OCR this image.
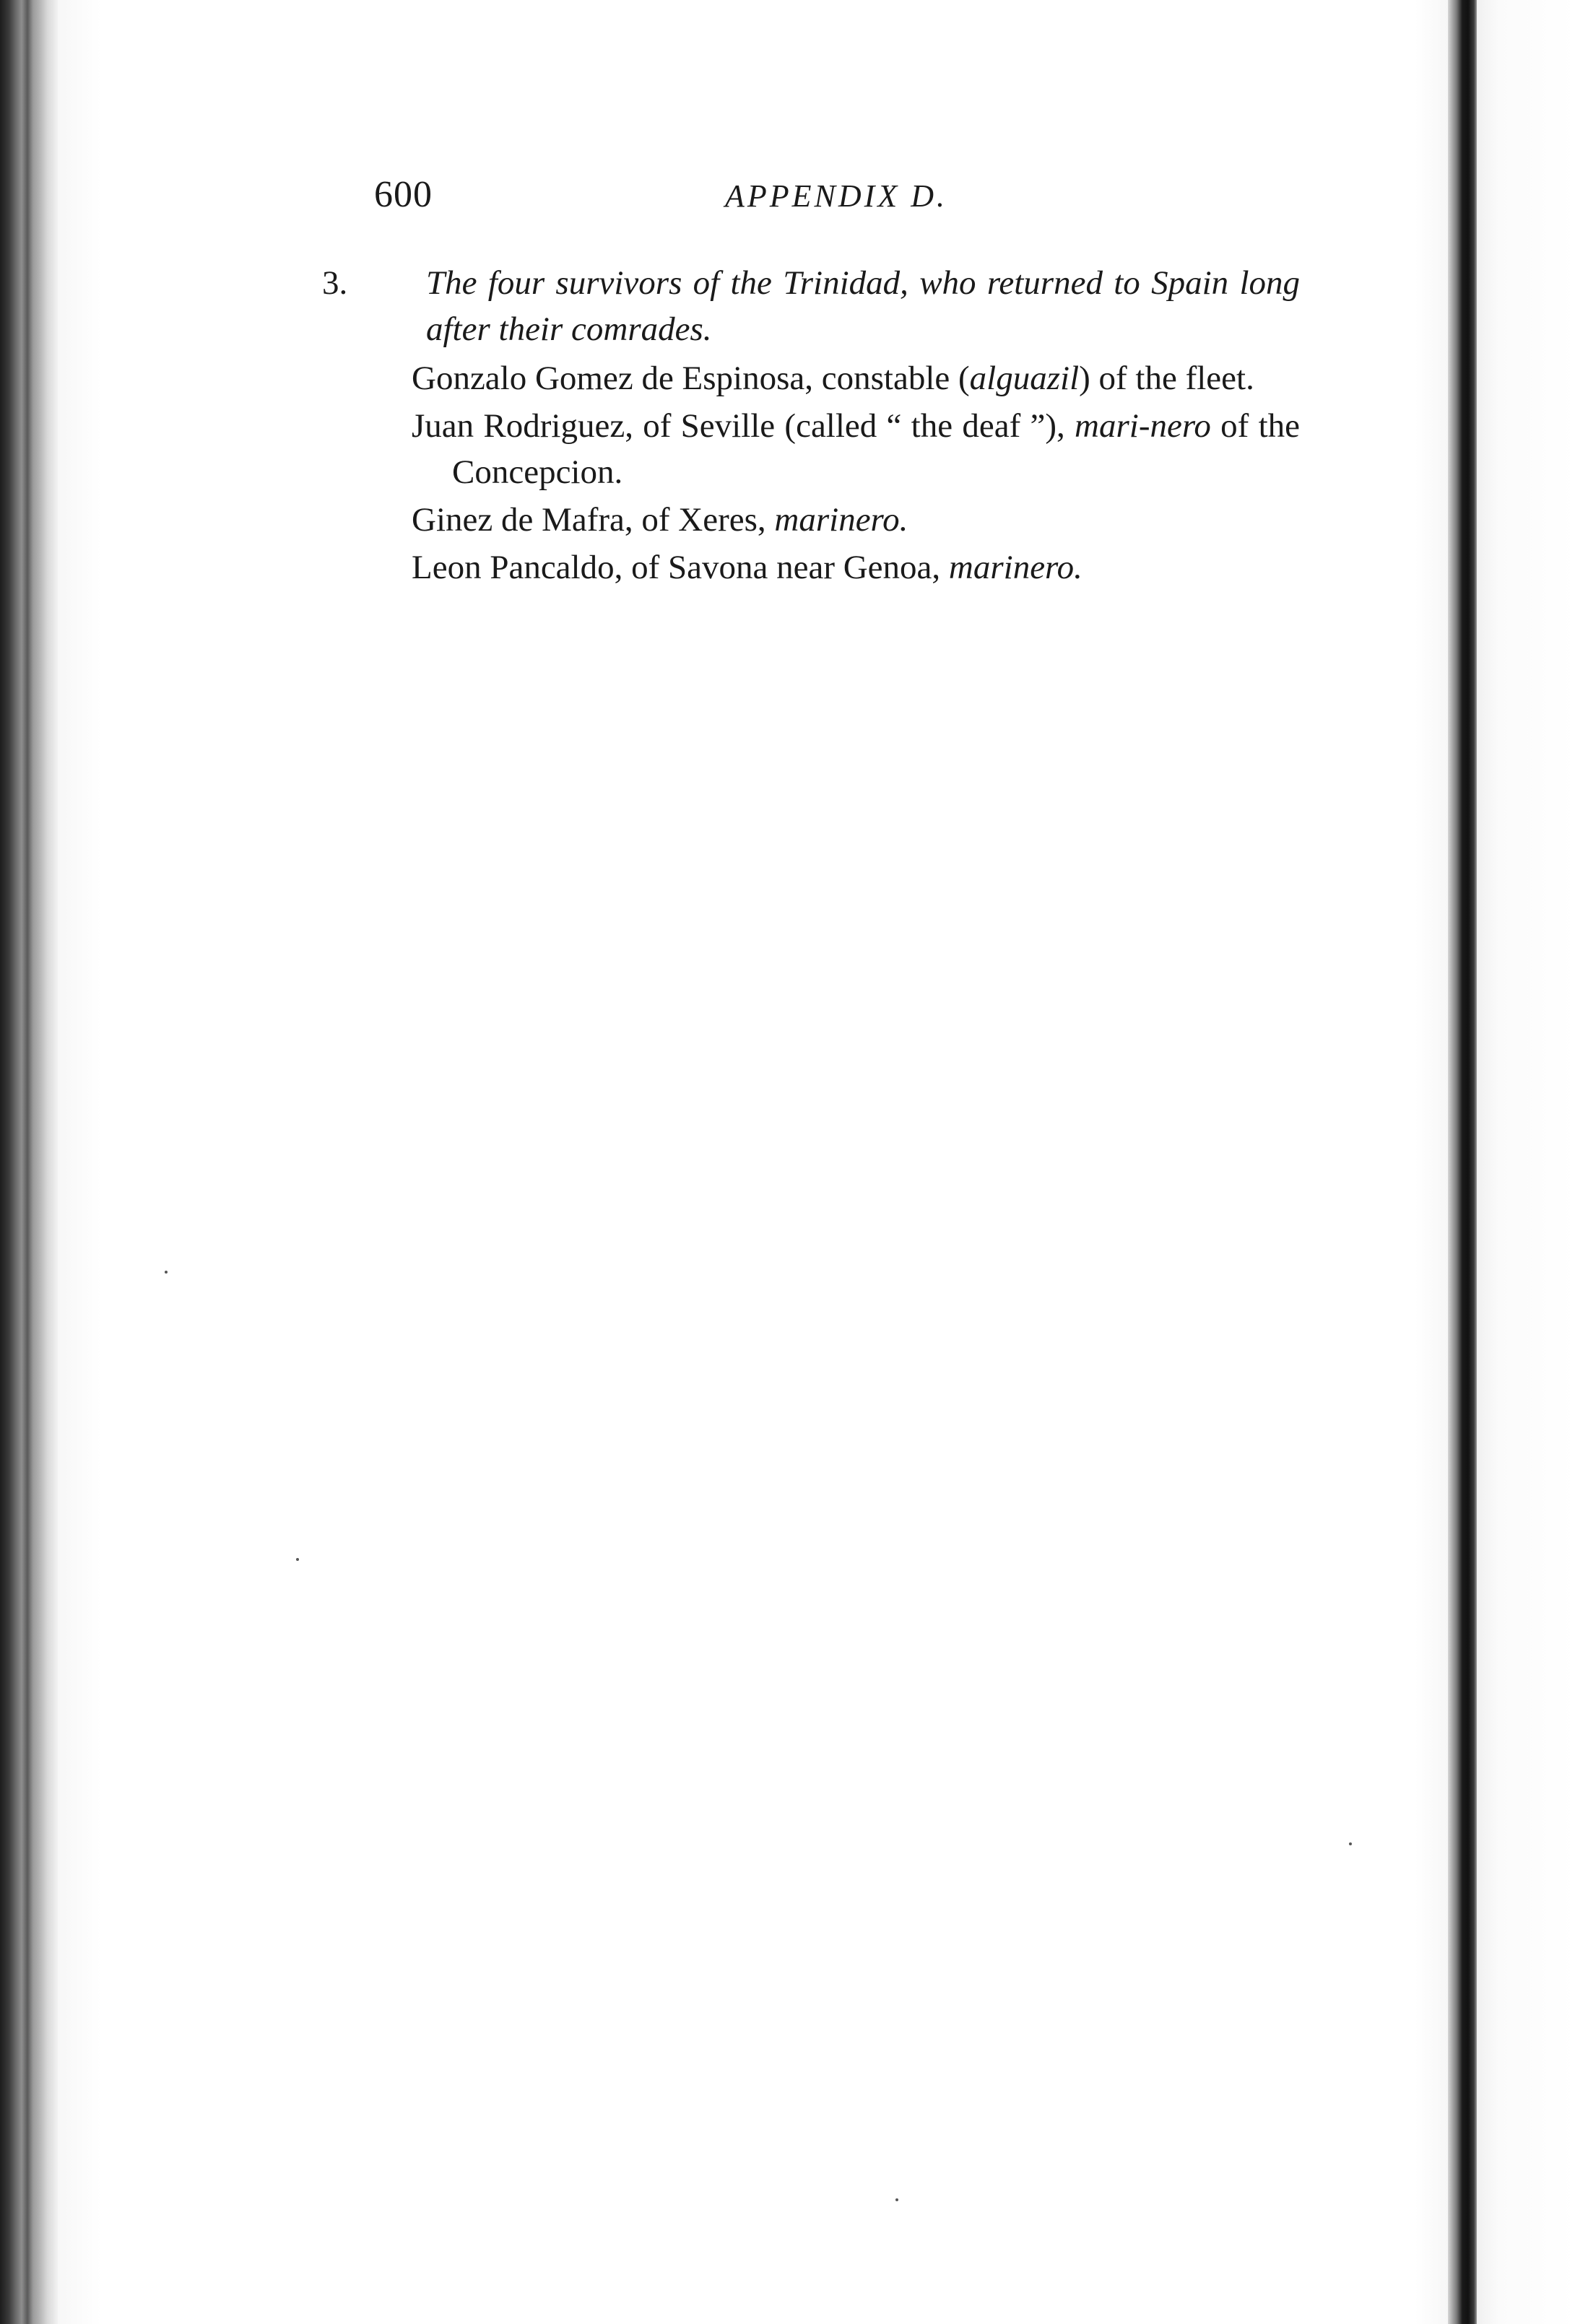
600	APPENDIX D.

3. The four survivors of the Trinidad, who returned to Spain long after their comrades.

Gonzalo Gomez de Espinosa, constable (alguazil) of the fleet.
Juan Rodriguez, of Seville (called “ the deaf ”), mari-nero of the Concepcion.
Ginez de Mafra, of Xeres, marinero.
Leon Pancaldo, of Savona near Genoa, marinero.
